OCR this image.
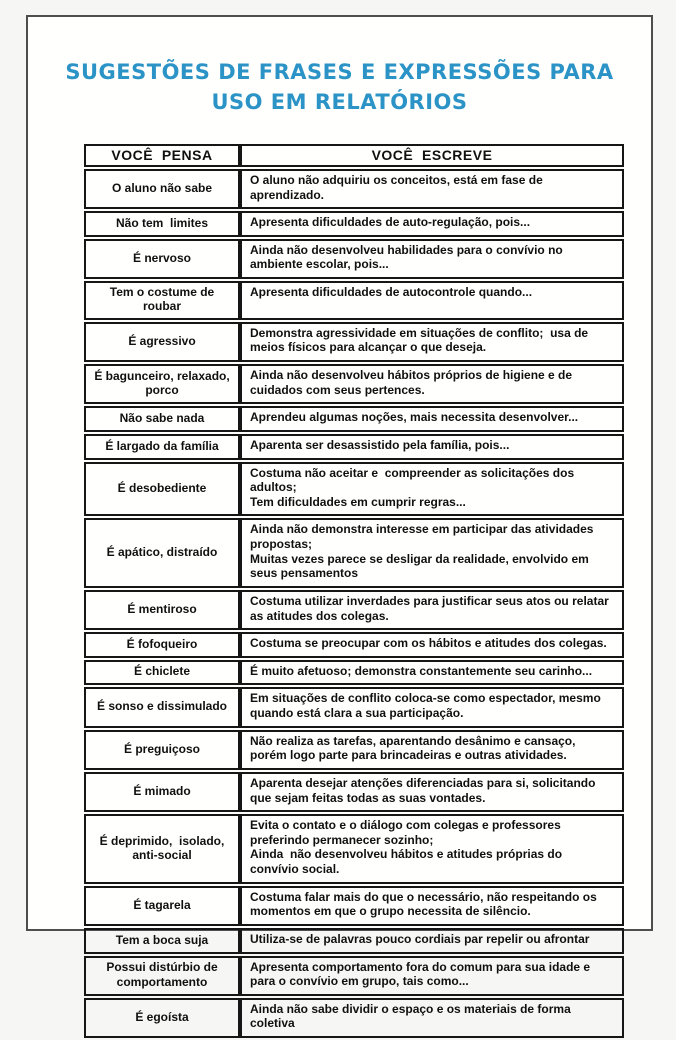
SUGESTÕES DE FRASES E EXPRESSÕES PARA
USO EM RELATÓRIOS
VOCÊ  PENSA	VOCÊ  ESCREVE
O aluno não sabe	O aluno não adquiriu os conceitos, está em fase de aprendizado.

Não tem  limites	Apresenta dificuldades de auto-regulação, pois...

É nervoso	Ainda não desenvolveu habilidades para o convívio no ambiente escolar, pois...

Tem o costume de roubar	Apresenta dificuldades de autocontrole quando...

É agressivo	Demonstra agressividade em situações de conflito;  usa de meios físicos para alcançar o que deseja.

É bagunceiro, relaxado, porco	Ainda não desenvolveu hábitos próprios de higiene e de cuidados com seus pertences.

Não sabe nada	Aprendeu algumas noções, mais necessita desenvolver...

É largado da família	Aparenta ser desassistido pela família, pois...

É desobediente	Costuma não aceitar e  compreender as solicitações dos adultos;
Tem dificuldades em cumprir regras...

É apático, distraído	Ainda não demonstra interesse em participar das atividades propostas;
Muitas vezes parece se desligar da realidade, envolvido em seus pensamentos

É mentiroso	Costuma utilizar inverdades para justificar seus atos ou relatar as atitudes dos colegas.

É fofoqueiro	Costuma se preocupar com os hábitos e atitudes dos colegas.

É chiclete	É muito afetuoso; demonstra constantemente seu carinho...

É sonso e dissimulado	Em situações de conflito coloca-se como espectador, mesmo quando está clara a sua participação.

É preguiçoso	Não realiza as tarefas, aparentando desânimo e cansaço, porém logo parte para brincadeiras e outras atividades.

É mimado	Aparenta desejar atenções diferenciadas para si, solicitando que sejam feitas todas as suas vontades.

É deprimido,  isolado, anti-social	Evita o contato e o diálogo com colegas e professores preferindo permanecer sozinho;
Ainda  não desenvolveu hábitos e atitudes próprias do convívio social.

É tagarela	Costuma falar mais do que o necessário, não respeitando os momentos em que o grupo necessita de silêncio.

Tem a boca suja	Utiliza-se de palavras pouco cordiais par repelir ou afrontar

Possui distúrbio de comportamento	Apresenta comportamento fora do comum para sua idade e para o convívio em grupo, tais como...

É egoísta	Ainda não sabe dividir o espaço e os materiais de forma coletiva
